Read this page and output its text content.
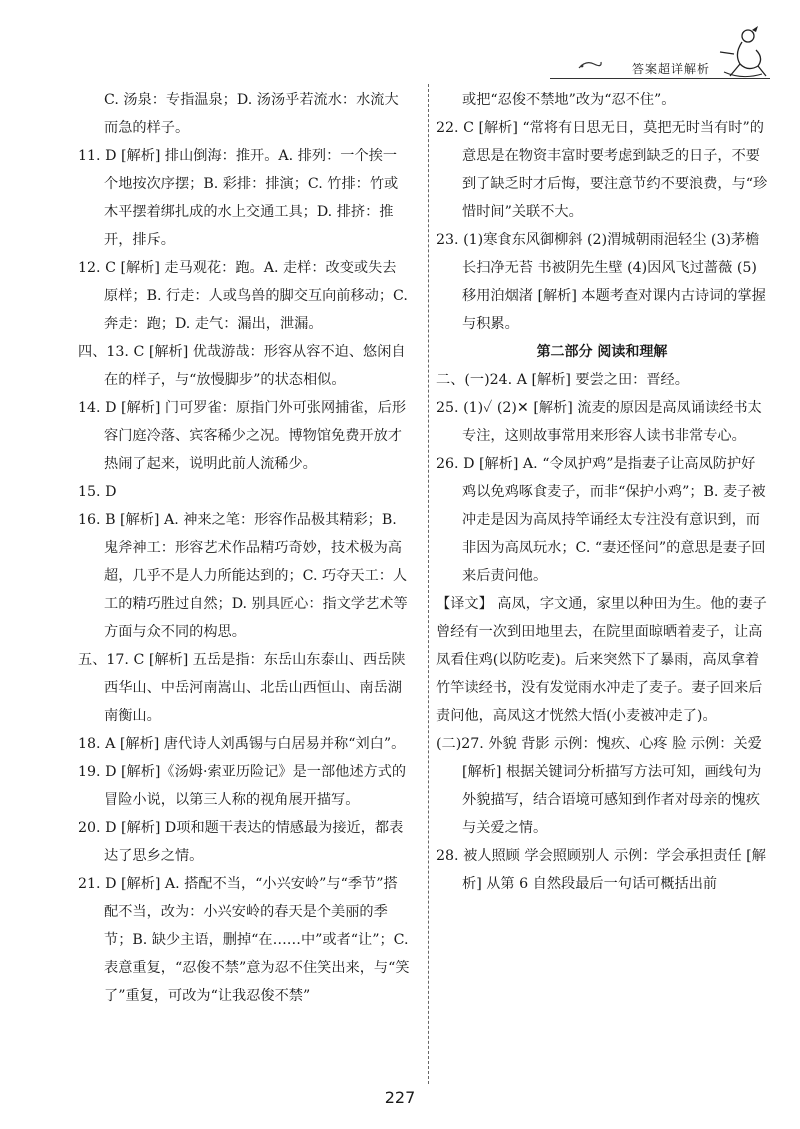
答案超详解析
C. 汤泉：专指温泉；D. 汤汤乎若流水：水流大而急的样子。
11. D [解析] 排山倒海：推开。A. 排列：一个挨一个地按次序摆；B. 彩排：排演；C. 竹排：竹或木平摆着绑扎成的水上交通工具；D. 排挤：推开，排斥。
12. C [解析] 走马观花：跑。A. 走样：改变或失去原样；B. 行走：人或鸟兽的脚交互向前移动；C. 奔走：跑；D. 走气：漏出，泄漏。
四、13. C [解析] 优哉游哉：形容从容不迫、悠闲自在的样子，与“放慢脚步”的状态相似。
14. D [解析] 门可罗雀：原指门外可张网捕雀，后形容门庭冷落、宾客稀少之况。博物馆免费开放才热闹了起来，说明此前人流稀少。
15. D
16. B [解析] A. 神来之笔：形容作品极其精彩；B. 鬼斧神工：形容艺术作品精巧奇妙，技术极为高超，几乎不是人力所能达到的；C. 巧夺天工：人工的精巧胜过自然；D. 别具匠心：指文学艺术等方面与众不同的构思。
五、17. C [解析] 五岳是指：东岳山东泰山、西岳陕西华山、中岳河南嵩山、北岳山西恒山、南岳湖南衡山。
18. A [解析] 唐代诗人刘禹锡与白居易并称“刘白”。
19. D [解析]《汤姆·索亚历险记》是一部他述方式的冒险小说，以第三人称的视角展开描写。
20. D [解析] D项和题干表达的情感最为接近，都表达了思乡之情。
21. D [解析] A. 搭配不当，“小兴安岭”与“季节”搭配不当，改为：小兴安岭的春天是个美丽的季节；B. 缺少主语，删掉“在……中”或者“让”；C. 表意重复，“忍俊不禁”意为忍不住笑出来，与“笑了”重复，可改为“让我忍俊不禁”
或把“忍俊不禁地”改为“忍不住”。
22. C [解析] “常将有日思无日，莫把无时当有时”的意思是在物资丰富时要考虑到缺乏的日子，不要到了缺乏时才后悔，要注意节约不要浪费，与“珍惜时间”关联不大。
23. (1)寒食东风御柳斜 (2)渭城朝雨浥轻尘 (3)茅檐长扫净无苔 书被阴先生壁 (4)因风飞过蔷薇 (5)移用泊烟渚 [解析] 本题考查对课内古诗词的掌握与积累。
第二部分 阅读和理解
二、(一)24. A [解析] 要尝之田：晋经。
25. (1)✓ (2)✕ [解析] 流麦的原因是高凤诵读经书太专注，这则故事常用来形容人读书非常专心。
26. D [解析] A. “令凤护鸡”是指妻子让高凤防护好鸡以免鸡啄食麦子，而非“保护小鸡”；B. 麦子被冲走是因为高凤持竿诵经太专注没有意识到，而非因为高凤玩水；C. “妻还怪问”的意思是妻子回来后责问他。
【译文】 高凤，字文通，家里以种田为生。他的妻子曾经有一次到田地里去，在院里面晾晒着麦子，让高凤看住鸡(以防吃麦)。后来突然下了暴雨，高凤拿着竹竿读经书，没有发觉雨水冲走了麦子。妻子回来后责问他，高凤这才恍然大悟(小麦被冲走了)。
(二)27. 外貌 背影 示例：愧疚、心疼 脸 示例：关爱 [解析] 根据关键词分析描写方法可知，画线句为外貌描写，结合语境可感知到作者对母亲的愧疚与关爱之情。
28. 被人照顾 学会照顾别人 示例：学会承担责任 [解析] 从第 6 自然段最后一句话可概括出前
227
